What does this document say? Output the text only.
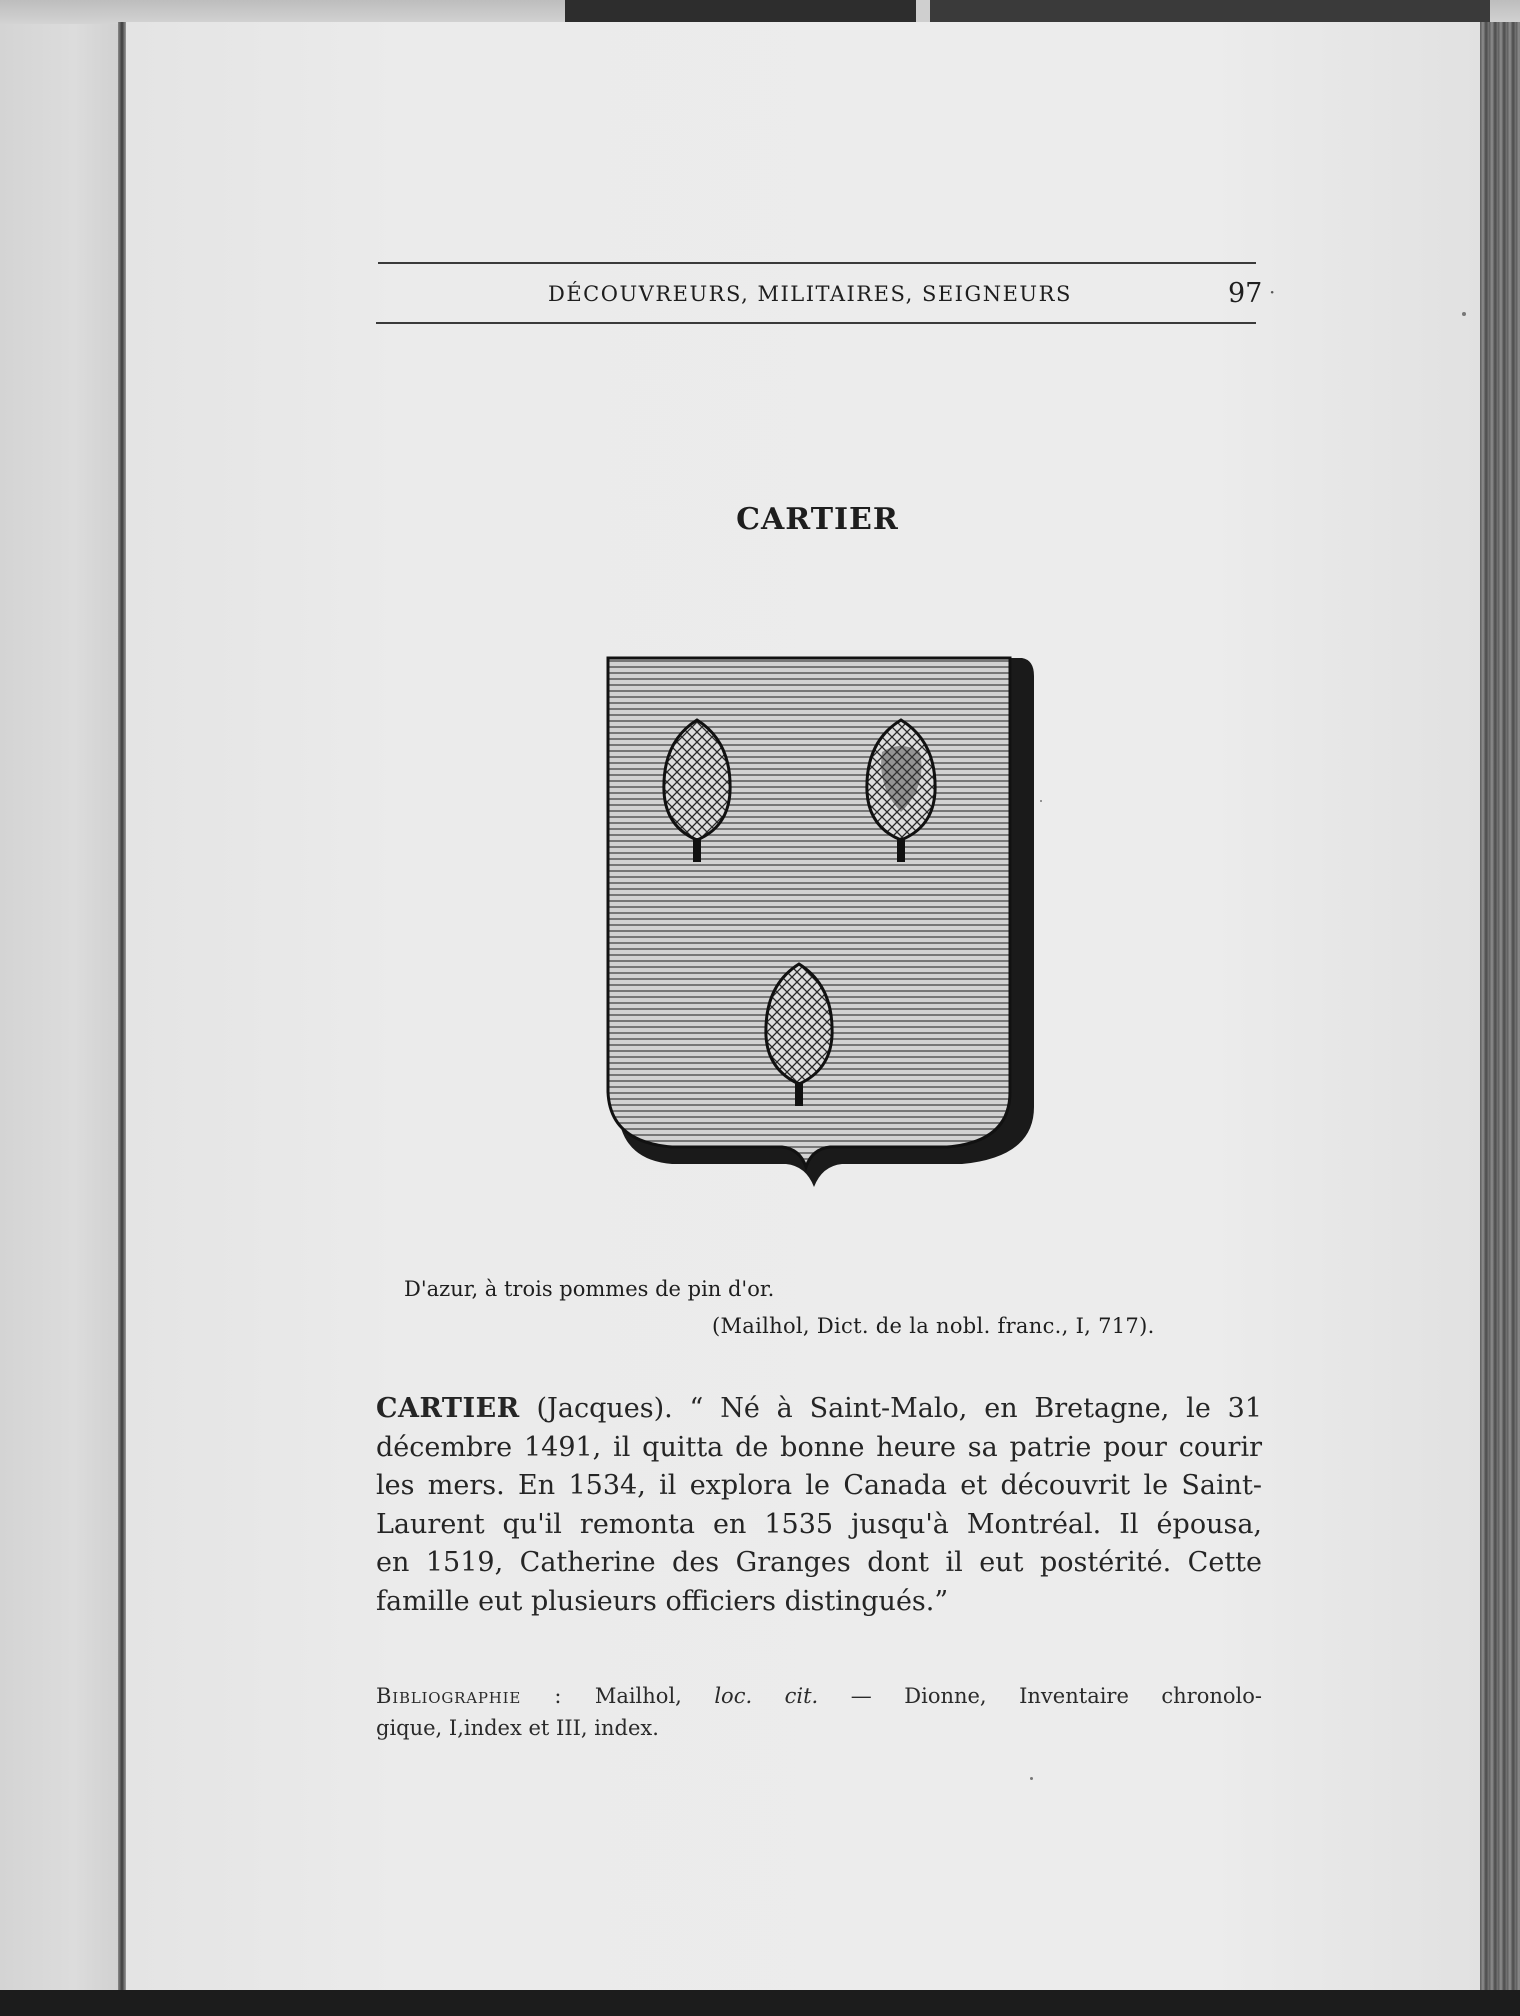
DÉCOUVREURS, MILITAIRES, SEIGNEURS	97 ·
CARTIER
D'azur, à trois pommes de pin d'or.
(Mailhol, Dict. de la nobl. franc., I, 717).
CARTIER (Jacques). “ Né à Saint-Malo, en Bretagne, le 31
décembre 1491, il quitta de bonne heure sa patrie pour courir
les mers. En 1534, il explora le Canada et découvrit le Saint-
Laurent qu'il remonta en 1535 jusqu'à Montréal. Il épousa,
en 1519, Catherine des Granges dont il eut postérité. Cette
famille eut plusieurs officiers distingués.”
Bibliographie : Mailhol, loc. cit. — Dionne, Inventaire chronolo-
gique, I,index et III, index.
